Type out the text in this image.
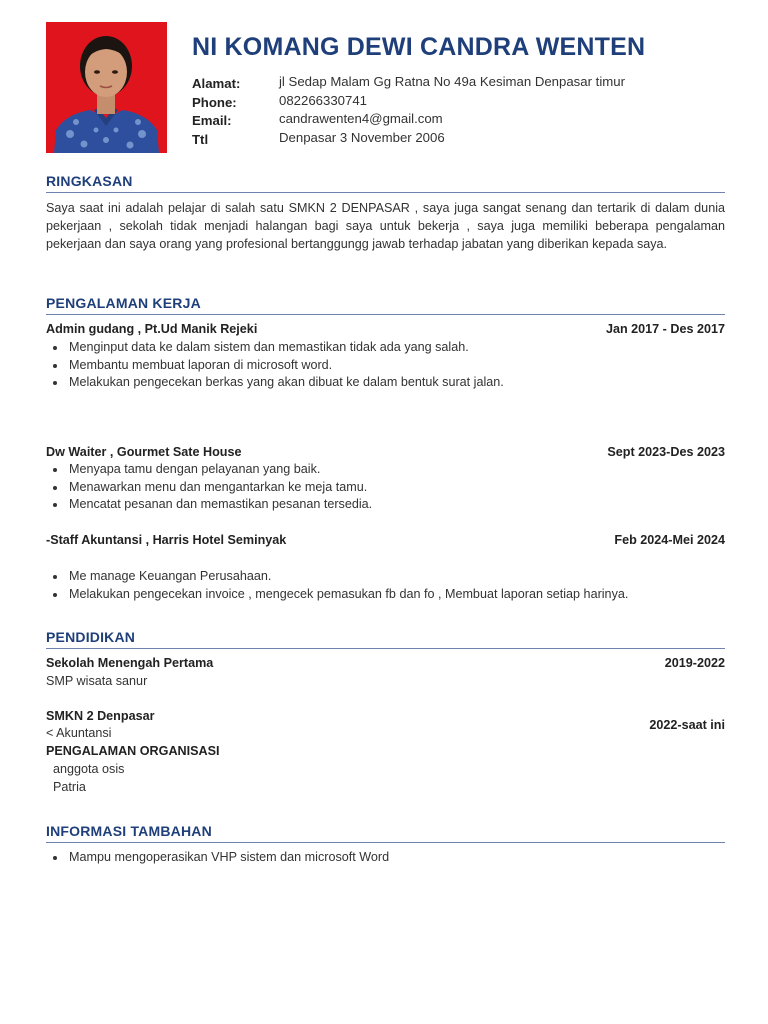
NI KOMANG DEWI CANDRA WENTEN
Alamat:	jl Sedap Malam Gg Ratna No 49a Kesiman Denpasar timur
Phone:	082266330741
Email:	candrawenten4@gmail.com
Ttl	Denpasar 3 November 2006
RINGKASAN

Saya saat ini adalah pelajar di salah satu SMKN 2 DENPASAR , saya juga sangat senang dan tertarik di dalam dunia pekerjaan , sekolah tidak menjadi halangan bagi saya untuk bekerja , saya juga memiliki beberapa pengalaman pekerjaan dan saya orang yang profesional bertanggungg jawab terhadap jabatan yang diberikan kepada saya.

PENGALAMAN KERJA
Admin gudang , Pt.Ud Manik Rejeki	Jan 2017 - Des 2017
Menginput data ke dalam sistem dan memastikan tidak ada yang salah.
Membantu membuat laporan di microsoft word.
Melakukan pengecekan berkas yang akan dibuat ke dalam bentuk surat jalan.
Dw Waiter , Gourmet Sate House	Sept 2023-Des 2023
Menyapa tamu dengan pelayanan yang baik.
Menawarkan menu dan mengantarkan ke meja tamu.
Mencatat pesanan dan memastikan pesanan tersedia.
-Staff Akuntansi , Harris Hotel Seminyak	Feb 2024-Mei 2024
Me manage Keuangan Perusahaan.
Melakukan pengecekan invoice , mengecek pemasukan fb dan fo , Membuat laporan setiap harinya.
PENDIDIKAN
Sekolah Menengah Pertama	2019-2022
SMP wisata sanur
SMKN 2 Denpasar
2022-saat ini
< Akuntansi
PENGALAMAN ORGANISASI
anggota osis
Patria
INFORMASI TAMBAHAN
Mampu mengoperasikan VHP sistem dan microsoft Word
